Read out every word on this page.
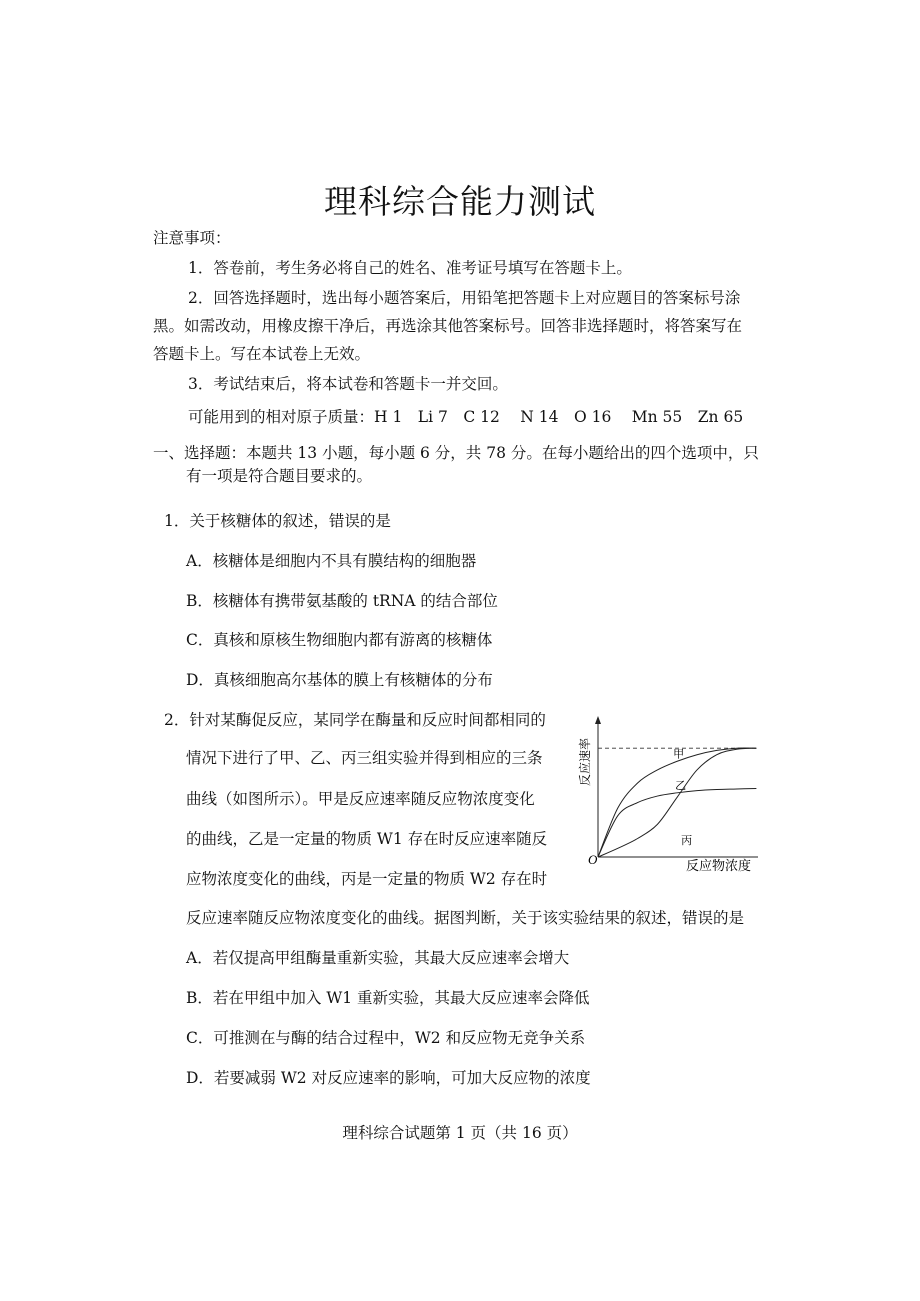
理科综合能力测试
注意事项：
1．答卷前，考生务必将自己的姓名、准考证号填写在答题卡上。
2．回答选择题时，选出每小题答案后，用铅笔把答题卡上对应题目的答案标号涂
黑。如需改动，用橡皮擦干净后，再选涂其他答案标号。回答非选择题时，将答案写在
答题卡上。写在本试卷上无效。
3．考试结束后，将本试卷和答题卡一并交回。
可能用到的相对原子质量：H 1　Li 7　C 12　 N 14　O 16　 Mn 55　Zn 65
一、选择题：本题共 13 小题，每小题 6 分，共 78 分。在每小题给出的四个选项中，只
有一项是符合题目要求的。
1．关于核糖体的叙述，错误的是
A．核糖体是细胞内不具有膜结构的细胞器
B．核糖体有携带氨基酸的 tRNA 的结合部位
C．真核和原核生物细胞内都有游离的核糖体
D．真核细胞高尔基体的膜上有核糖体的分布
2．针对某酶促反应，某同学在酶量和反应时间都相同的
情况下进行了甲、乙、丙三组实验并得到相应的三条
曲线（如图所示）。甲是反应速率随反应物浓度变化
的曲线，乙是一定量的物质 W1 存在时反应速率随反
应物浓度变化的曲线，丙是一定量的物质 W2 存在时
反应速率随反应物浓度变化的曲线。据图判断，关于该实验结果的叙述，错误的是
A．若仅提高甲组酶量重新实验，其最大反应速率会增大
B．若在甲组中加入 W1 重新实验，其最大反应速率会降低
C．可推测在与酶的结合过程中，W2 和反应物无竞争关系
D．若要减弱 W2 对反应速率的影响，可加大反应物的浓度
甲
乙
丙
O	反应物浓度
反应速率
理科综合试题第 1 页（共 16 页）
